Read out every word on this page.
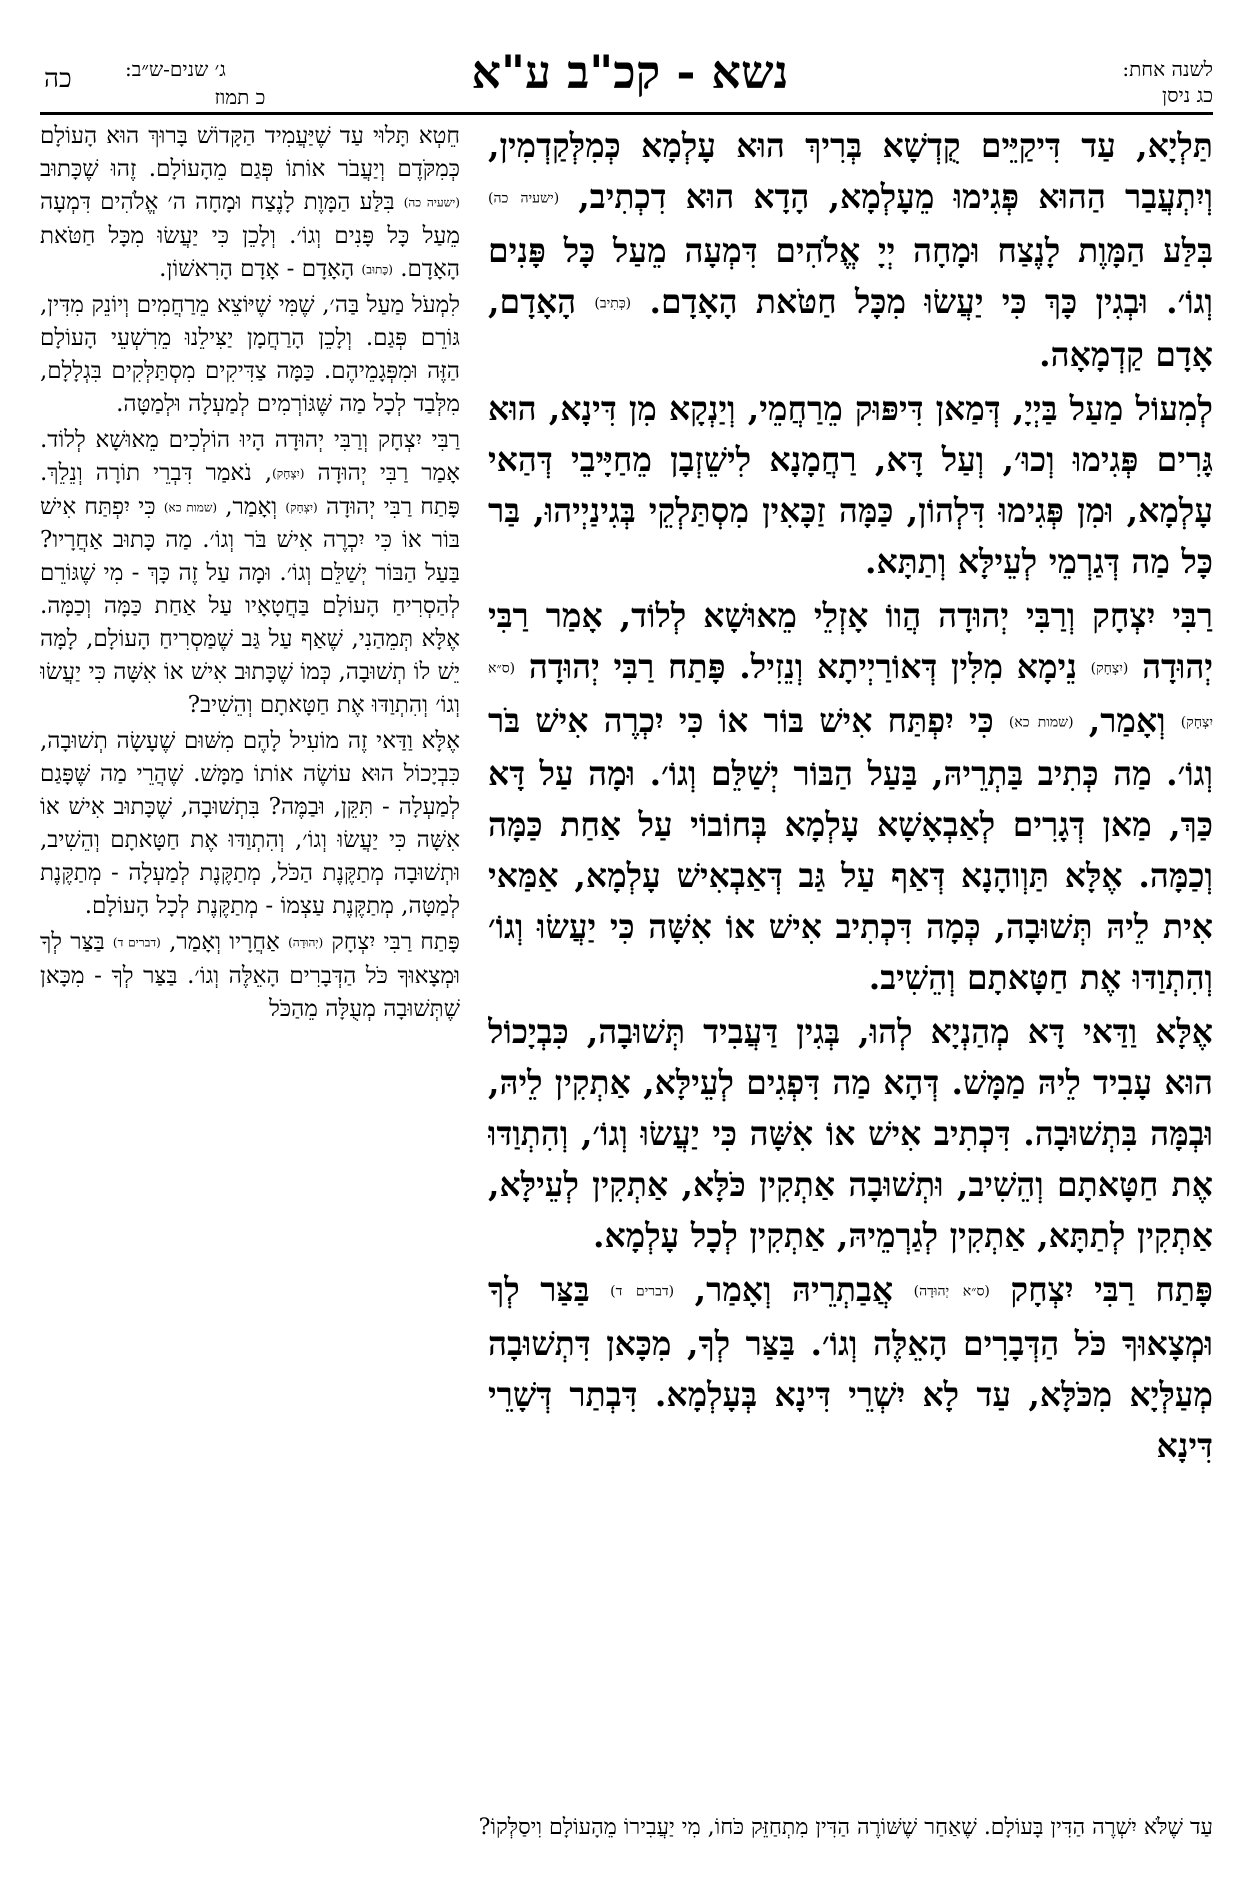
לשנה אחת:
כג ניסן
נשא - קכ"ב ע"א
ג׳ שנים-ש״ב:
כ תמוז
כה

תַּלְיָא, עַד דִּיקַיֵּים קֻדְשָׁא בְּרִיךְ הוּא עָלְמָא כְּמִלְּקַדְמִין, וְיִתְעֲבַר הַהוּא פְּגִימוּ מֵעָלְמָא, הָדָא הוּא דִכְתִיב, (ישעיה כה) בִּלַּע הַמָּוֶת לָנֶצַח וּמָחָה יְיָ אֱלֹהִים דִּמְעָה מֵעַל כָּל פָּנִים וְגוֹ׳. וּבְגִין כָּךְ כִּי יַעֲשׂוּ מִכָּל חַטֹּאת הָאָדָם. (כְּתִיב) הָאָדָם, אָדָם קַדְמָאָה.

לְמִעוֹל מַעַל בַּיְיָ, דְּמַאן דִּיפּוּק מֵרַחֲמֵי, וְיַנְקָא מִן דִּינָא, הוּא גָּרִים פְּגִימוּ וְכוּ׳, וְעַל דָּא, רַחֲמָנָא לִישֵׁזְבָן מֵחַיָּיבֵי דְּהַאי עָלְמָא, וּמִן פְּגִימוּ דִּלְהוֹן, כַּמָּה זַכָּאִין מִסְתַּלְקֵי בְּגִינַיְיהוּ, בַּר כָּל מַה דְּגַרְמֵי לְעֵילָּא וְתַתָּא.

רַבִּי יִצְחָק וְרַבִּי יְהוּדָה הֲווֹ אָזְלֵי מֵאוּשָׁא לְלוֹד, אָמַר רַבִּי יְהוּדָה (יִצְחָק) נֵימָא מִלִּין דְּאוֹרַיְיתָא וְנֵזִיל. פָּתַח רַבִּי יְהוּדָה (ס״א יִצְחָק) וְאָמַר, (שמות כא) כִּי יִפְתַּח אִישׁ בּוֹר אוֹ כִּי יִכְרֶה אִישׁ בֹּר וְגוֹ׳. מַה כְּתִיב בַּתְרֵיהּ, בַּעַל הַבּוֹר יְשַׁלֵּם וְגוֹ׳. וּמָה עַל דָּא כַּךְ, מַאן דְּגָרִים לְאַבְאָשָׁא עָלְמָא בְּחוֹבוֹי עַל אַחַת כַּמָּה וְכַמָּה. אֶלָּא תַּוְוהָנָא דְּאַף עַל גַּב דְּאַבְאִישׁ עָלְמָא, אַמַּאי אִית לֵיהּ תְּשׁוּבָה, כְּמָה דִּכְתִיב אִישׁ אוֹ אִשָּׁה כִּי יַעֲשׂוּ וְגוֹ׳ וְהִתְוַדּוּ אֶת חַטָּאתָם וְהֵשִׁיב.

אֶלָּא וַדַּאי דָּא מְהַנְיָא לְהוּ, בְּגִין דַּעֲבִיד תְּשׁוּבָה, כִּבְיָכוֹל הוּא עָבִיד לֵיהּ מַמָּשׁ. דְּהָא מַה דִּפְגִים לְעֵילָּא, אַתְקִין לֵיהּ, וּבְמָּה בִּתְשׁוּבָה. דִּכְתִיב אִישׁ אוֹ אִשָּׁה כִּי יַעֲשׂוּ וְגוֹ׳, וְהִתְוַדּוּ אֶת חַטָּאתָם וְהֵשִׁיב, וּתְשׁוּבָה אַתְקִין כֹּלָּא, אַתְקִין לְעֵילָּא, אַתְקִין לְתַתָּא, אַתְקִין לְגַרְמֵיהּ, אַתְקִין לְכָל עָלְמָא.

פָּתַח רַבִּי יִצְחָק (ס״א יְהוּדָה) אֲבַתְרֵיהּ וְאָמַר, (דברים ד) בַּצַּר לְךָ וּמְצָאוּךָ כֹּל הַדְּבָרִים הָאֵלֶּה וְגוֹ׳. בַּצַּר לְךָ, מִכָּאן דִּתְשׁוּבָה מְעַלְּיָא מִכֹּלָּא, עַד לָא יִשְׁרֵי דִּינָא בְּעָלְמָא. דִּבְתַר דְּשָׁרֵי דִּינָא

חֵטְא תָּלוּי עַד שֶׁיַּעֲמִיד הַקָּדוֹשׁ בָּרוּךְ הוּא הָעוֹלָם כְּמִקֹּדֶם וְיַעֲבֹר אוֹתוֹ פְּגַם מֵהָעוֹלָם. זֶהוּ שֶׁכָּתוּב (ישעיה כה) בִּלַּע הַמָּוֶת לָנֶצַח וּמָחָה ה׳ אֱלֹהִים דִּמְעָה מֵעַל כָּל פָּנִים וְגוֹ׳. וְלָכֵן כִּי יַעֲשׂוּ מִכָּל חַטֹּאת הָאָדָם. (כָּתוּב) הָאָדָם - אָדָם הָרִאשׁוֹן.

לִמְעֹל מַעַל בַּה׳, שֶׁמִּי שֶׁיּוֹצֵא מֵרַחֲמִים וְיוֹנֵק מִדִּין, גּוֹרֵם פְּגַם. וְלָכֵן הָרַחֲמָן יַצִּילֵנוּ מֵרִשְׁעֵי הָעוֹלָם הַזֶּה וּמִפְּגָמֵיהֶם. כַּמָּה צַדִּיקִים מִסְתַּלְּקִים בִּגְלָלָם, מִלְּבַד לְכָל מַה שֶּׁגּוֹרְמִים לְמַעְלָה וּלְמַטָּה.

רַבִּי יִצְחָק וְרַבִּי יְהוּדָה הָיוּ הוֹלְכִים מֵאוּשָׁא לְלוֹד. אָמַר רַבִּי יְהוּדָה (יִצְחָק), נֹאמַר דִּבְרֵי תוֹרָה וְנֵלֵךְ. פָּתַח רַבִּי יְהוּדָה (יִצְחָק) וְאָמַר, (שמות כא) כִּי יִפְתַּח אִישׁ בּוֹר אוֹ כִּי יִכְרֶה אִישׁ בֹּר וְגוֹ׳. מַה כָּתוּב אַחֲרָיו? בַּעַל הַבּוֹר יְשַׁלֵּם וְגוֹ׳. וּמָה עַל זֶה כָּךְ - מִי שֶׁגּוֹרֵם לְהַסְרִיחַ הָעוֹלָם בַּחֲטָאָיו עַל אַחַת כַּמָּה וְכַמָּה. אֶלָּא תְּמֵהַנִי, שֶׁאַף עַל גַּב שֶׁמַּסְרִיחַ הָעוֹלָם, לָמָּה יֵשׁ לוֹ תְשׁוּבָה, כְּמוֹ שֶׁכָּתוּב אִישׁ אוֹ אִשָּׁה כִּי יַעֲשׂוּ וְגוֹ׳ וְהִתְוַדּוּ אֶת חַטָּאתָם וְהֵשִׁיב?

אֶלָּא וַדַּאי זֶה מוֹעִיל לָהֶם מִשּׁוּם שֶׁעָשָׂה תְשׁוּבָה, כִּבְיָכוֹל הוּא עוֹשֶׂה אוֹתוֹ מַמָּשׁ. שֶׁהֲרֵי מַה שֶּׁפָּגַם לְמַעְלָה - תִּקֵּן, וּבַמֶּה? בִּתְשׁוּבָה, שֶׁכָּתוּב אִישׁ אוֹ אִשָּׁה כִּי יַעֲשׂוּ וְגוֹ׳, וְהִתְוַדּוּ אֶת חַטָּאתָם וְהֵשִׁיב, וּתְשׁוּבָה מְתַקֶּנֶת הַכֹּל, מְתַקֶּנֶת לְמַעְלָה - מְתַקֶּנֶת לְמַטָּה, מְתַקֶּנֶת עַצְמוֹ - מְתַקֶּנֶת לְכָל הָעוֹלָם.

פָּתַח רַבִּי יִצְחָק (יְהוּדָה) אַחֲרָיו וְאָמַר, (דברים ד) בַּצַּר לְךָ וּמְצָאוּךָ כֹּל הַדְּבָרִים הָאֵלֶּה וְגוֹ׳. בַּצַּר לְךָ - מִכָּאן שֶׁתְּשׁוּבָה מְעֻלָּה מֵהַכֹּל

עַד שֶׁלֹּא יִשְׁרֶה הַדִּין בָּעוֹלָם. שֶׁאַחַר שֶׁשּׁוֹרֶה הַדִּין מִתְחַזֵּק כֹּחוֹ, מִי יַעֲבִירוֹ מֵהָעוֹלָם וִיסַלְּקוֹ?
